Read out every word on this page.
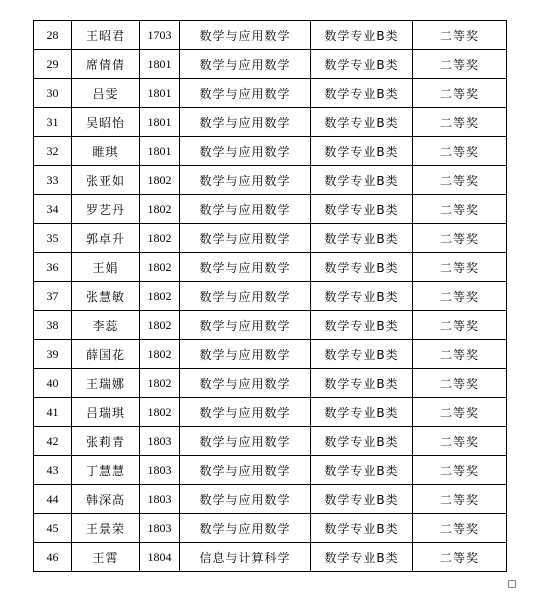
28	王昭君	1703	数学与应用数学	数学专业B类	二等奖
29	席倩倩	1801	数学与应用数学	数学专业B类	二等奖
30	吕雯	1801	数学与应用数学	数学专业B类	二等奖
31	吴昭怡	1801	数学与应用数学	数学专业B类	二等奖
32	睢琪	1801	数学与应用数学	数学专业B类	二等奖
33	张亚如	1802	数学与应用数学	数学专业B类	二等奖
34	罗艺丹	1802	数学与应用数学	数学专业B类	二等奖
35	郭卓升	1802	数学与应用数学	数学专业B类	二等奖
36	王娟	1802	数学与应用数学	数学专业B类	二等奖
37	张慧敏	1802	数学与应用数学	数学专业B类	二等奖
38	李蕊	1802	数学与应用数学	数学专业B类	二等奖
39	薛国花	1802	数学与应用数学	数学专业B类	二等奖
40	王瑞娜	1802	数学与应用数学	数学专业B类	二等奖
41	吕瑞琪	1802	数学与应用数学	数学专业B类	二等奖
42	张莉青	1803	数学与应用数学	数学专业B类	二等奖
43	丁慧慧	1803	数学与应用数学	数学专业B类	二等奖
44	韩深高	1803	数学与应用数学	数学专业B类	二等奖
45	王景荣	1803	数学与应用数学	数学专业B类	二等奖
46	王霄	1804	信息与计算科学	数学专业B类	二等奖
